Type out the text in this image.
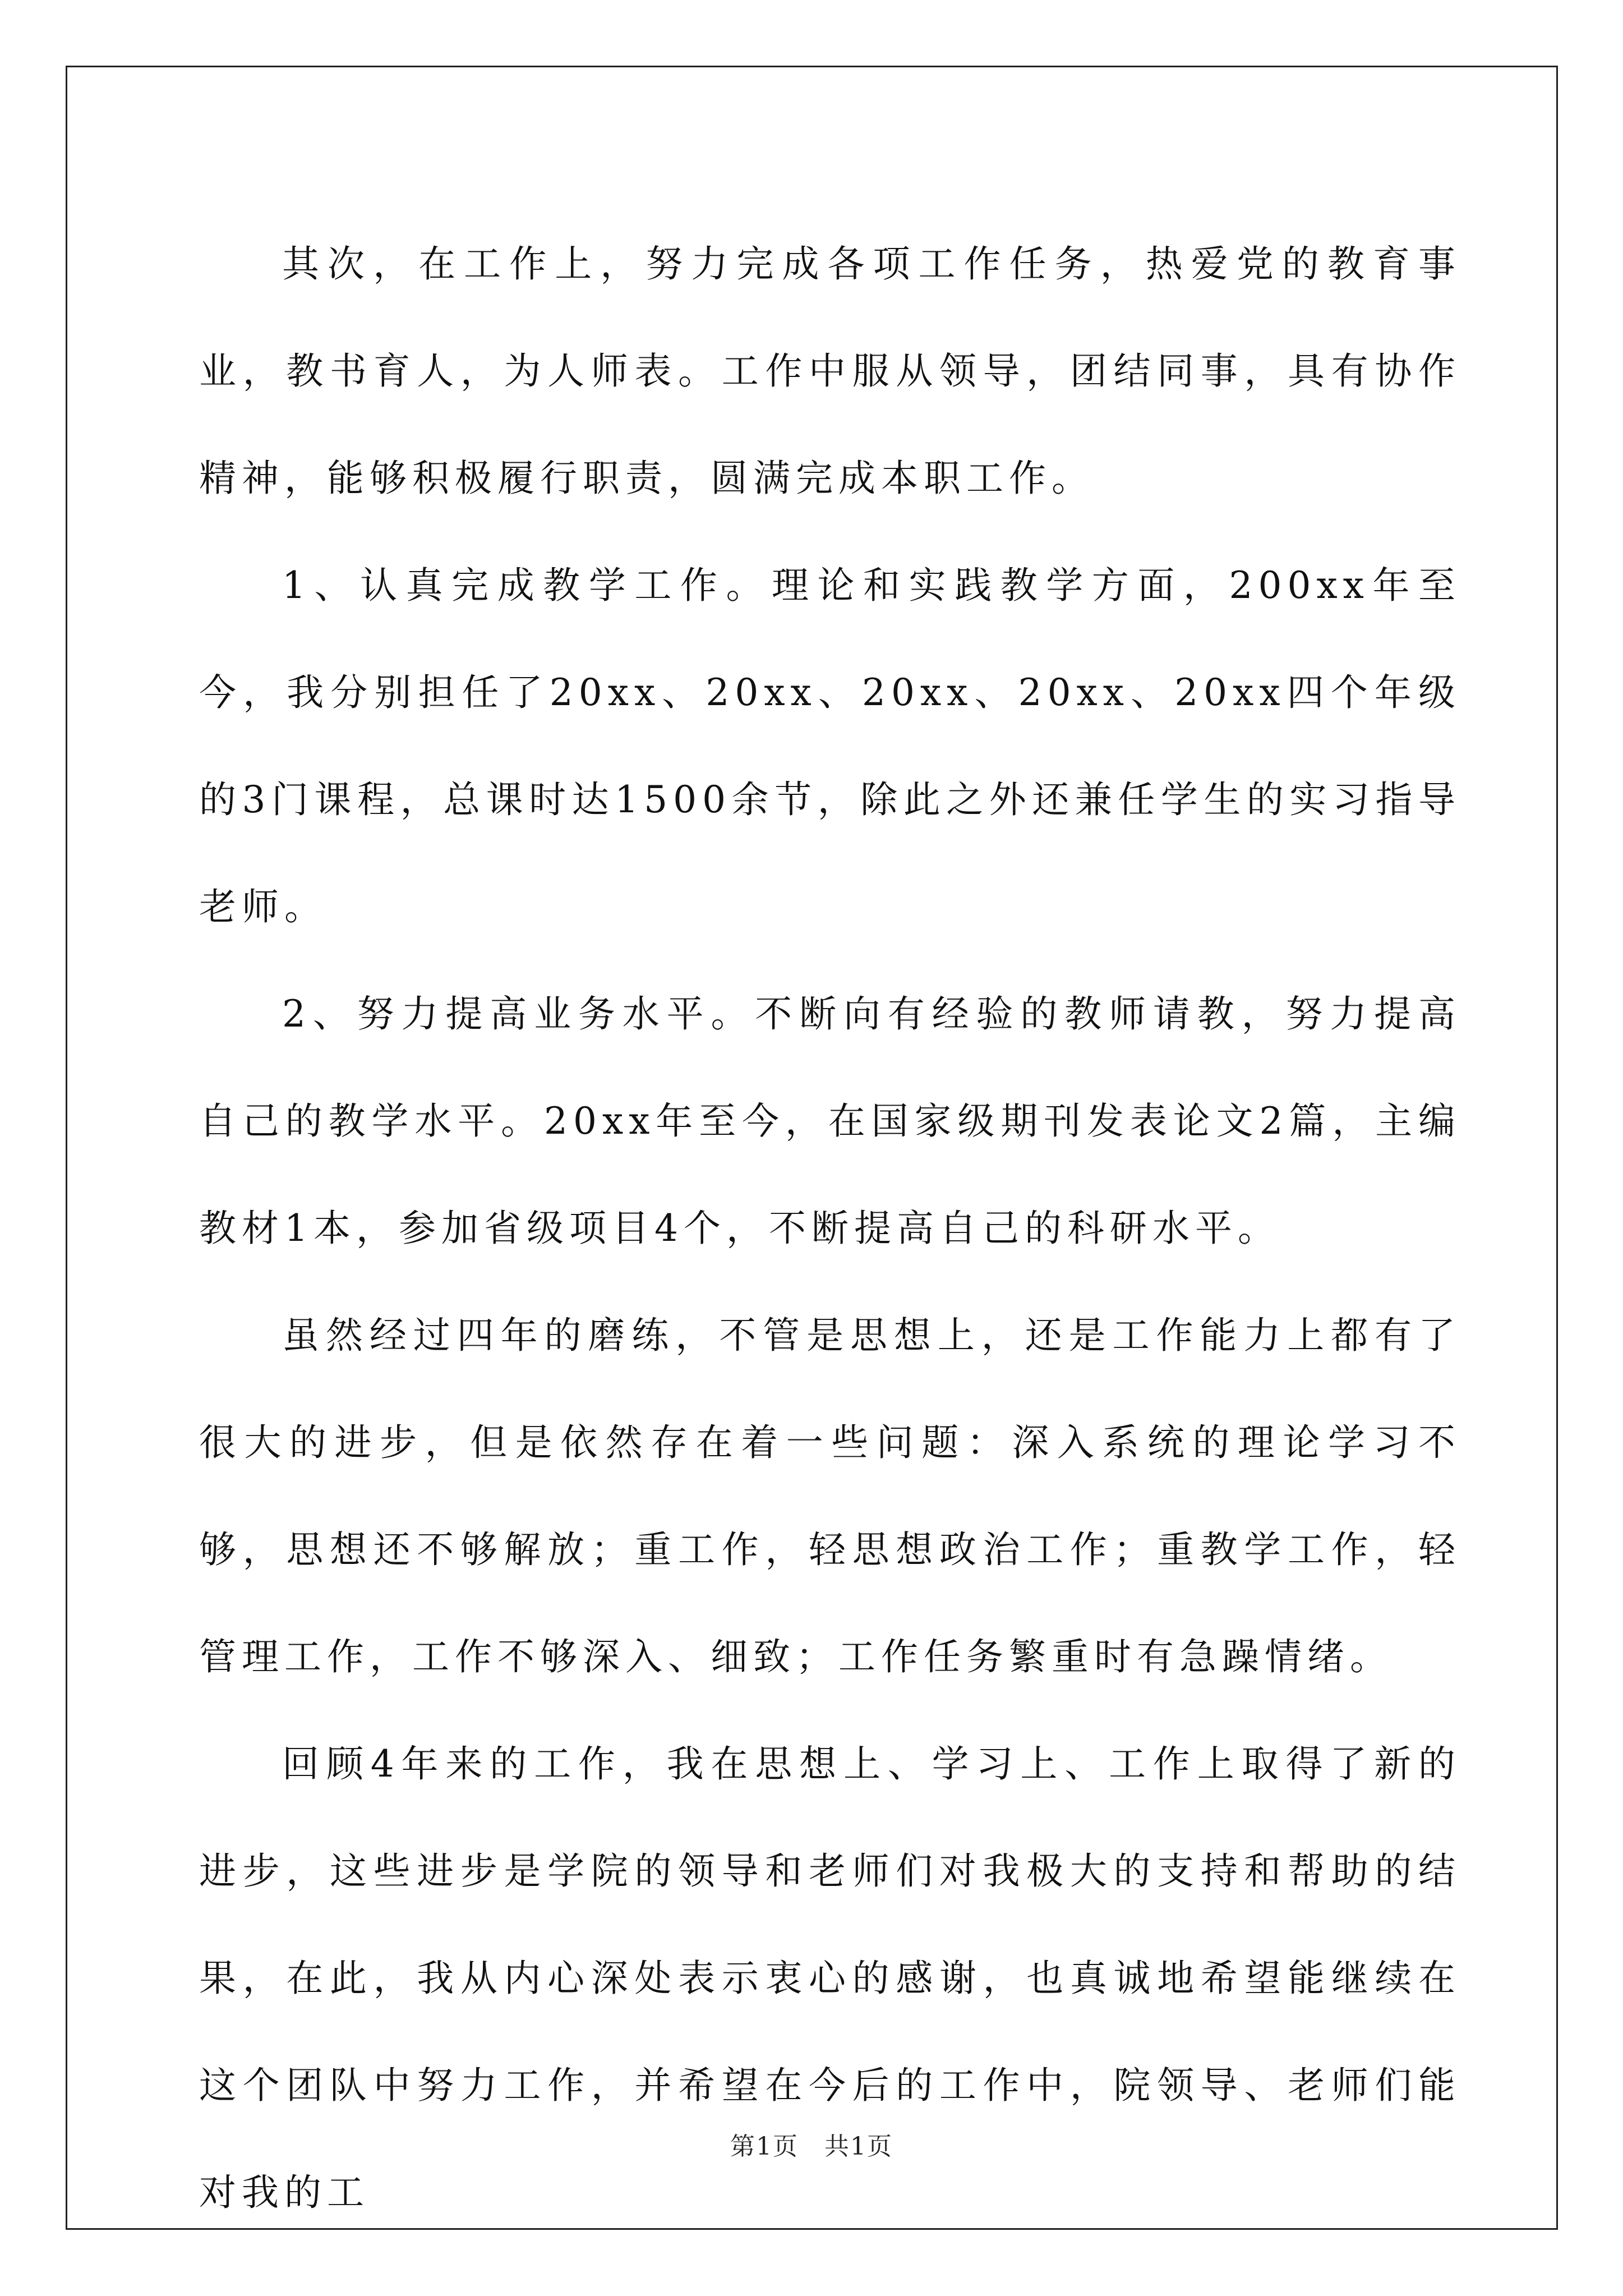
其次，在工作上，努力完成各项工作任务，热爱党的教育事业，教书育人，为人师表。工作中服从领导，团结同事，具有协作精神，能够积极履行职责，圆满完成本职工作。

1、认真完成教学工作。理论和实践教学方面，200xx年至今，我分别担任了20xx、20xx、20xx、20xx、20xx四个年级的3门课程，总课时达1500余节，除此之外还兼任学生的实习指导老师。

2、努力提高业务水平。不断向有经验的教师请教，努力提高自己的教学水平。20xx年至今，在国家级期刊发表论文2篇，主编教材1本，参加省级项目4个，不断提高自己的科研水平。

虽然经过四年的磨练，不管是思想上，还是工作能力上都有了很大的进步，但是依然存在着一些问题：深入系统的理论学习不够，思想还不够解放；重工作，轻思想政治工作；重教学工作，轻管理工作，工作不够深入、细致；工作任务繁重时有急躁情绪。

回顾4年来的工作，我在思想上、学习上、工作上取得了新的进步，这些进步是学院的领导和老师们对我极大的支持和帮助的结果，在此，我从内心深处表示衷心的感谢，也真诚地希望能继续在这个团队中努力工作，并希望在今后的工作中，院领导、老师们能对我的工

第1页　共1页
